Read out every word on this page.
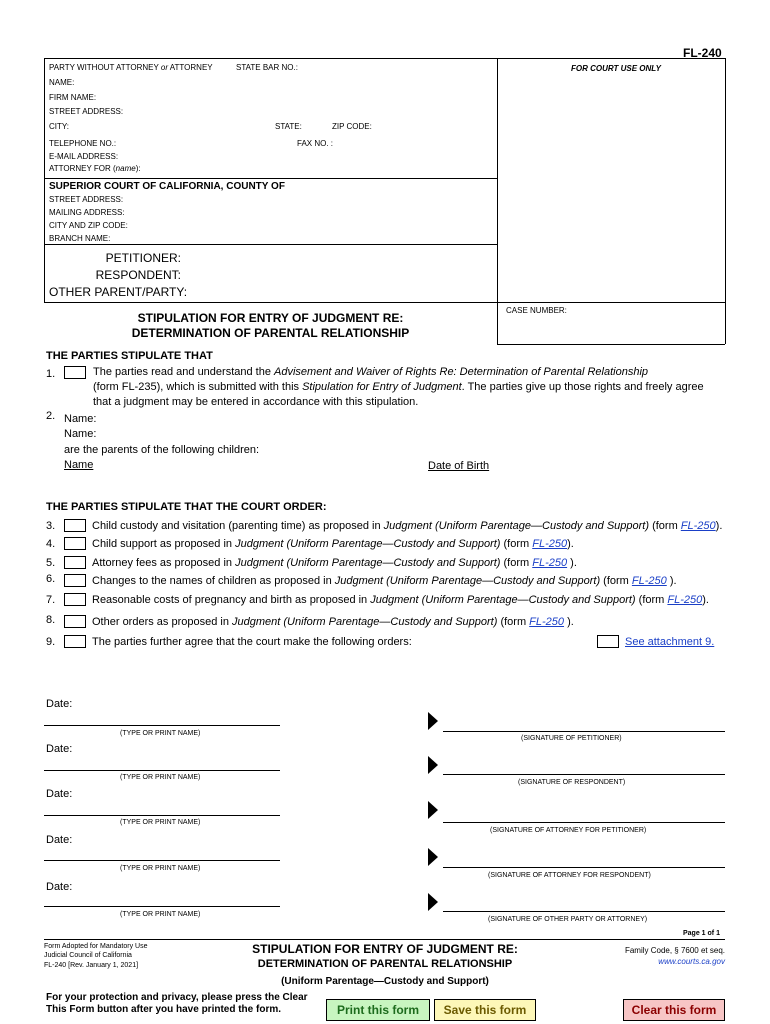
FL-240
PARTY WITHOUT ATTORNEY or ATTORNEY	STATE BAR NO.:	FOR COURT USE ONLY
NAME:
FIRM NAME:
STREET ADDRESS:
CITY:	STATE:	ZIP CODE:
TELEPHONE NO.:	FAX NO. :
E-MAIL ADDRESS:
ATTORNEY FOR (name):
SUPERIOR COURT OF CALIFORNIA, COUNTY OF
STREET ADDRESS:
MAILING ADDRESS:
CITY AND ZIP CODE:
BRANCH NAME:
PETITIONER:
RESPONDENT:
OTHER PARENT/PARTY:
STIPULATION FOR ENTRY OF JUDGMENT RE:
DETERMINATION OF PARENTAL RELATIONSHIP
CASE NUMBER:
THE PARTIES STIPULATE THAT
1.	The parties read and understand the Advisement and Waiver of Rights Re: Determination of Parental Relationship
(form FL-235), which is submitted with this Stipulation for Entry of Judgment. The parties give up those rights and freely agree
that a judgment may be entered in accordance with this stipulation.
2. Name:
Name:
are the parents of the following children:
Name	Date of Birth
THE PARTIES STIPULATE THAT THE COURT ORDER:
3.	Child custody and visitation (parenting time) as proposed in Judgment (Uniform Parentage—Custody and Support) (form FL-250).
4.	Child support as proposed in Judgment (Uniform Parentage—Custody and Support) (form FL-250).
5.	Attorney fees as proposed in Judgment (Uniform Parentage—Custody and Support) (form FL-250 ).
6.	Changes to the names of children as proposed in Judgment (Uniform Parentage—Custody and Support) (form FL-250 ).
7.	Reasonable costs of pregnancy and birth as proposed in Judgment (Uniform Parentage—Custody and Support) (form FL-250).
8.	Other orders as proposed in Judgment (Uniform Parentage—Custody and Support) (form FL-250 ).
9.	The parties further agree that the court make the following orders:	See attachment 9.
Date:
(TYPE OR PRINT NAME)
(SIGNATURE OF PETITIONER)
Date:
(TYPE OR PRINT NAME)
(SIGNATURE OF RESPONDENT)
Date:
(TYPE OR PRINT NAME)
(SIGNATURE OF ATTORNEY FOR PETITIONER)
Date:
(TYPE OR PRINT NAME)
(SIGNATURE OF ATTORNEY FOR RESPONDENT)
Date:
(TYPE OR PRINT NAME)
(SIGNATURE OF OTHER PARTY OR ATTORNEY)
Page 1 of 1
Form Adopted for Mandatory Use
Judicial Council of California
FL-240 [Rev. January 1, 2021]
STIPULATION FOR ENTRY OF JUDGMENT RE:
DETERMINATION OF PARENTAL RELATIONSHIP
(Uniform Parentage—Custody and Support)
Family Code, § 7600 et seq.
www.courts.ca.gov
For your protection and privacy, please press the Clear
This Form button after you have printed the form.	Print this form	Save this form	Clear this form
